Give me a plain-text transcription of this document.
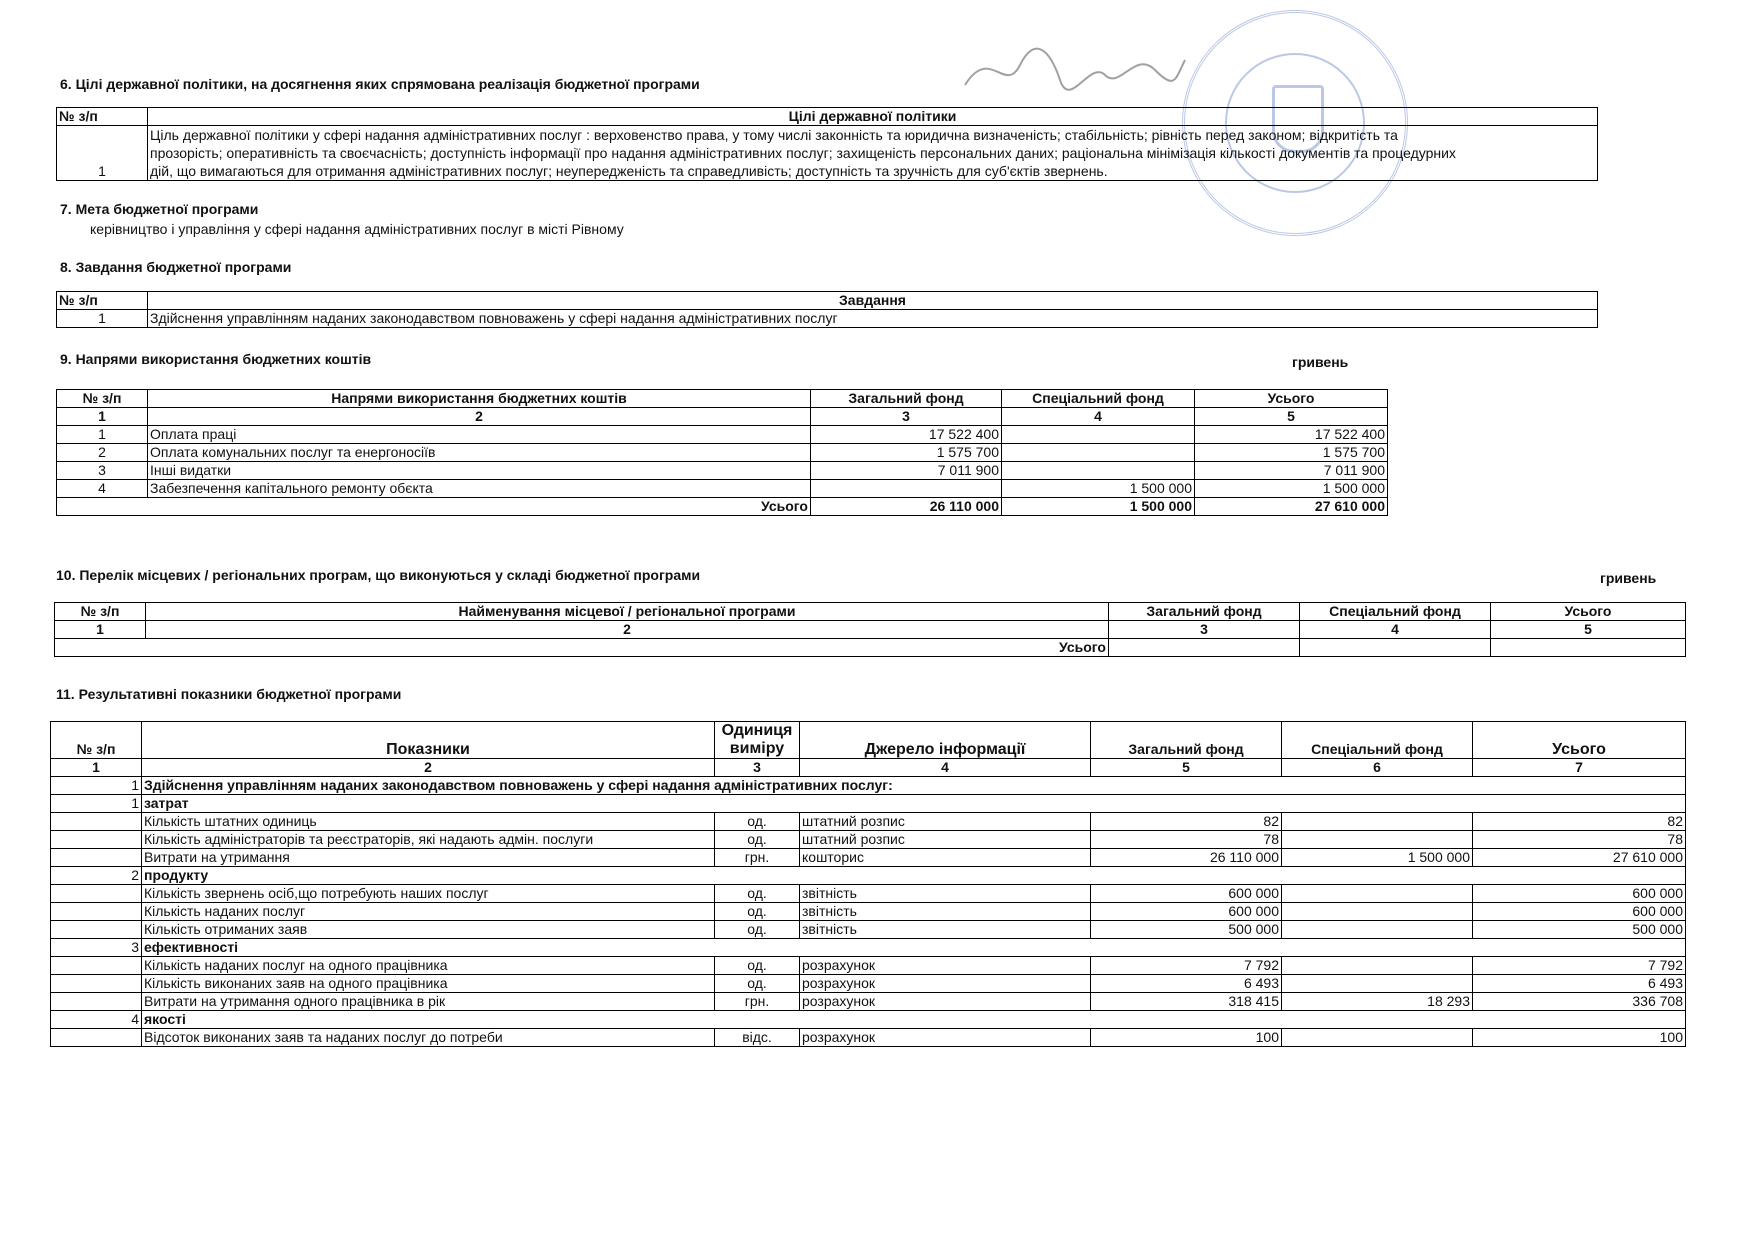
6. Цілі державної політики, на досягнення яких спрямована реалізація бюджетної програми
№ з/п	Цілі державної політики
1	Ціль державної політики у сфері надання адміністративних послуг : верховенство права, у тому числі законність та юридична визначеність; стабільність; рівність перед законом; відкритість та
прозорість; оперативність та своєчасність; доступність інформації про надання адміністративних послуг; захищеність персональних даних; раціональна мінімізація кількості документів та процедурних
дій, що вимагаються для отримання адміністративних послуг; неупередженість та справедливість; доступність та зручність для суб'єктів звернень.
7. Мета бюджетної програми
керівництво і управління у сфері надання адміністративних послуг в місті Рівному
8. Завдання бюджетної програми
№ з/п	Завдання
1	Здійснення управлінням наданих законодавством повноважень у сфері надання адміністративних послуг
9. Напрями використання бюджетних коштів	гривень
№ з/п	Напрями використання бюджетних коштів	Загальний фонд	Спеціальний фонд	Усього
1	2	3	4	5
1	Оплата праці	17 522 400		17 522 400
2	Оплата комунальних послуг та енергоносіїв	1 575 700		1 575 700
3	Інші видатки	7 011 900		7 011 900
4	Забезпечення капітального ремонту обєкта		1 500 000	1 500 000
Усього		26 110 000	1 500 000	27 610 000
10. Перелік місцевих / регіональних програм, що виконуються у складі бюджетної програми	гривень
№ з/п	Найменування місцевої / регіональної програми	Загальний фонд	Спеціальний фонд	Усього
1	2	3	4	5
Усього				
11. Результативні показники бюджетної програми
№ з/п	Показники	Одиниця виміру	Джерело інформації	Загальний фонд	Спеціальний фонд	Усього
1	2	3	4	5	6	7
1	Здійснення управлінням наданих законодавством повноважень у сфері надання адміністративних послуг:					
1	затрат					
	Кількість штатних одиниць	од.	штатний розпис	82		82
	Кількість адміністраторів та реєстраторів, які надають адмін. послуги	од.	штатний розпис	78		78
	Витрати на утримання	грн.	кошторис	26 110 000	1 500 000	27 610 000
2	продукту					
	Кількість звернень осіб,що потребують наших послуг	од.	звітність	600 000		600 000
	Кількість наданих послуг	од.	звітність	600 000		600 000
	Кількість отриманих заяв	од.	звітність	500 000		500 000
3	ефективності					
	Кількість наданих послуг на одного працівника	од.	розрахунок	7 792		7 792
	Кількість виконаних заяв на одного працівника	од.	розрахунок	6 493		6 493
	Витрати на утримання одного працівника в рік	грн.	розрахунок	318 415	18 293	336 708
4	якості					
	Відсоток виконаних заяв та наданих послуг до потреби	відс.	розрахунок	100		100
